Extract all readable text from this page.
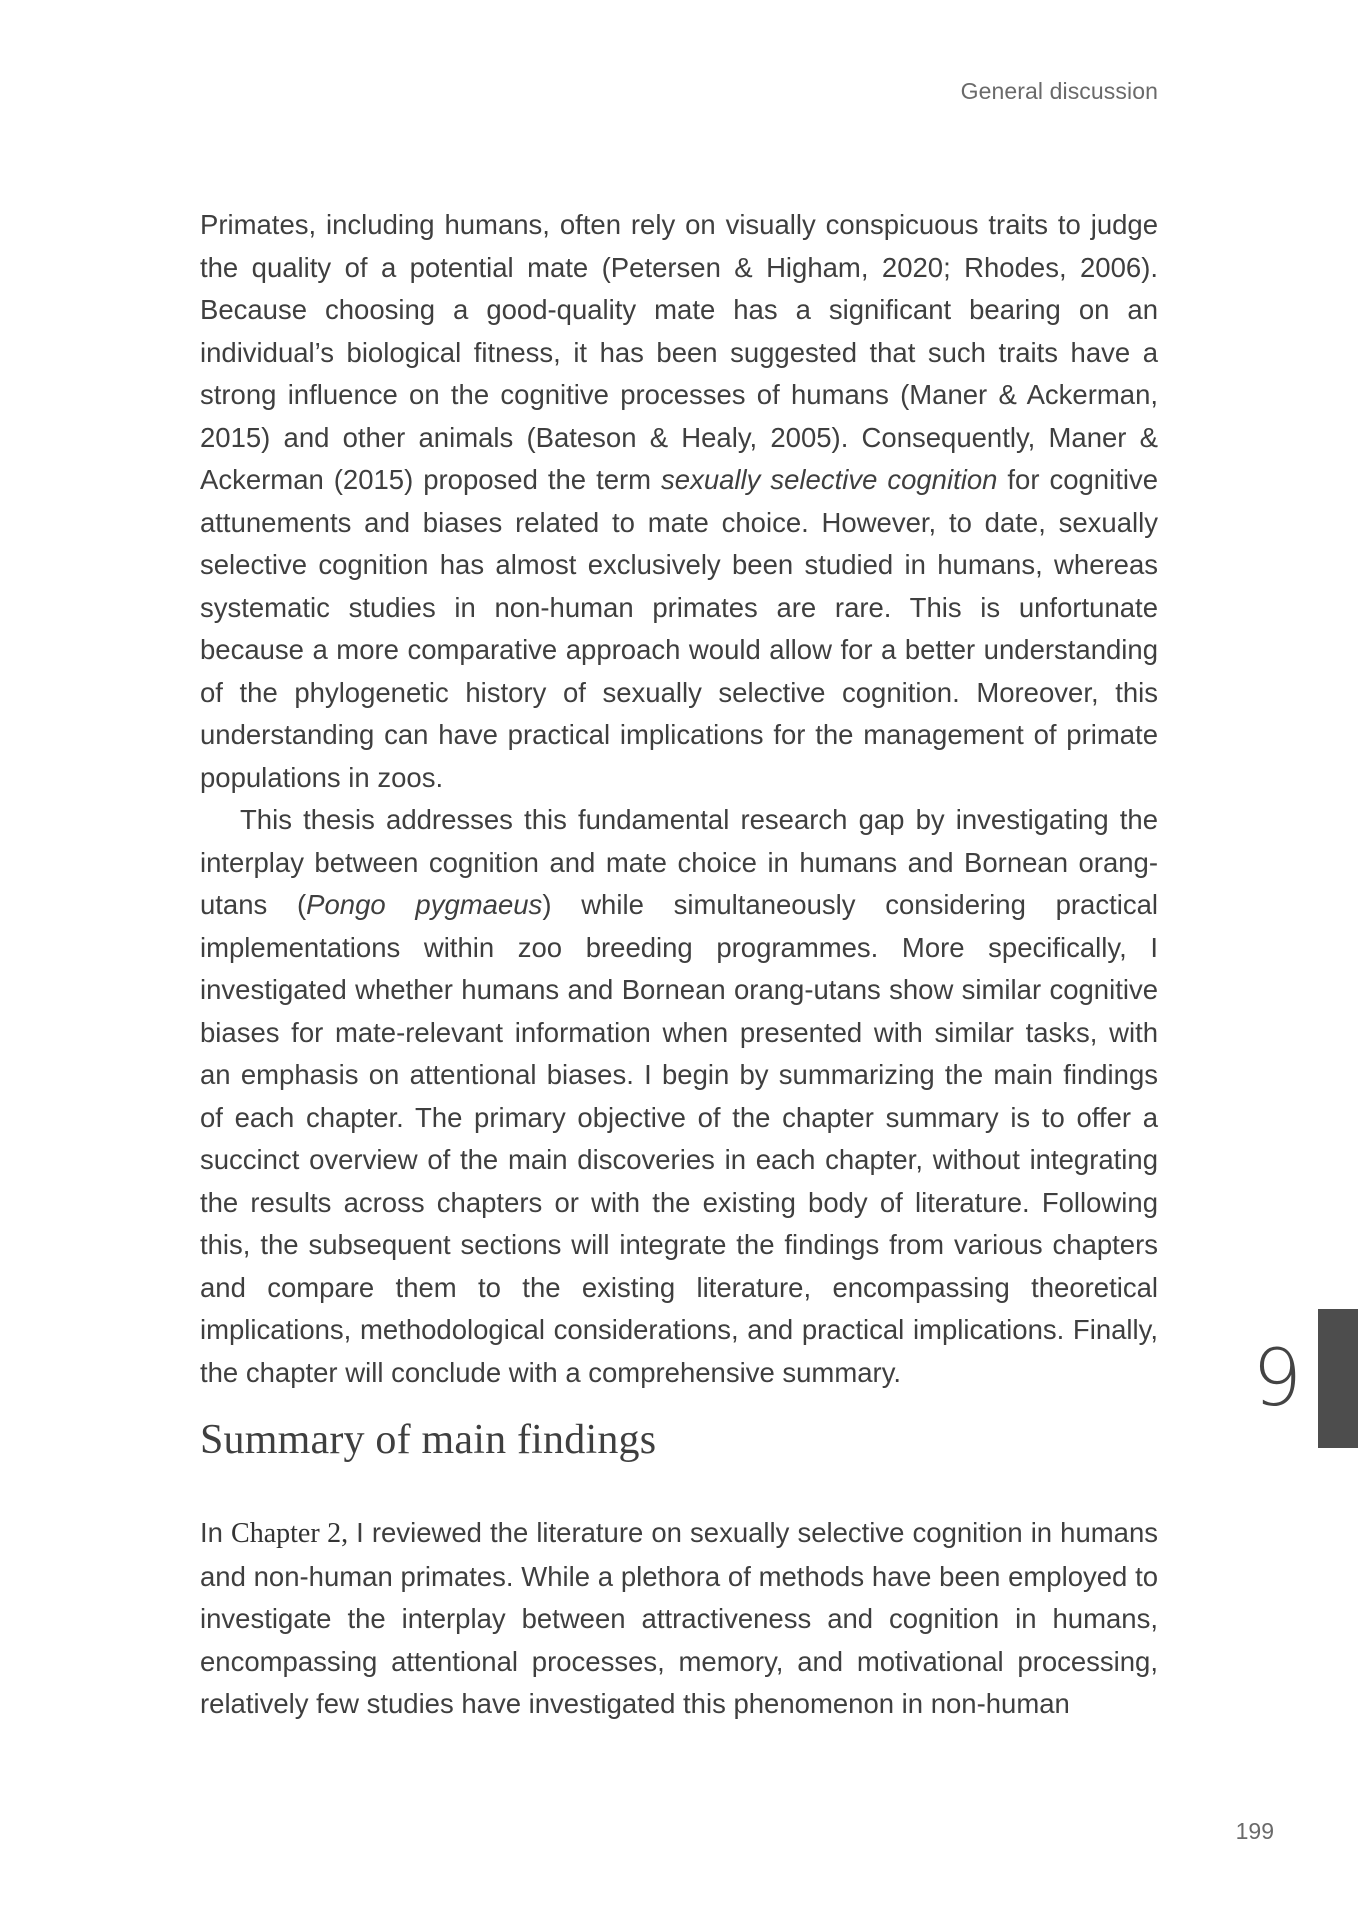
General discussion

Primates, including humans, often rely on visually conspicuous traits to judge the quality of a potential mate (Petersen & Higham, 2020; Rhodes, 2006). Because choosing a good-quality mate has a significant bearing on an individual’s biological fitness, it has been suggested that such traits have a strong influence on the cognitive processes of humans (Maner & Ackerman, 2015) and other animals (Bateson & Healy, 2005). Consequently, Maner & Ackerman (2015) proposed the term sexually selective cognition for cognitive attunements and biases related to mate choice. However, to date, sexually selective cognition has almost exclusively been studied in humans, whereas systematic studies in non-human primates are rare. This is unfortunate because a more comparative approach would allow for a better understanding of the phylogenetic history of sexually selective cognition. Moreover, this understanding can have practical implications for the management of primate populations in zoos.

This thesis addresses this fundamental research gap by investigating the interplay between cognition and mate choice in humans and Bornean orang-utans (Pongo pygmaeus) while simultaneously considering practical implementations within zoo breeding programmes. More specifically, I investigated whether humans and Bornean orang-utans show similar cognitive biases for mate-relevant information when presented with similar tasks, with an emphasis on attentional biases. I begin by summarizing the main findings of each chapter. The primary objective of the chapter summary is to offer a succinct overview of the main discoveries in each chapter, without integrating the results across chapters or with the existing body of literature. Following this, the subsequent sections will integrate the findings from various chapters and compare them to the existing literature, encompassing theoretical implications, methodological considerations, and practical implications. Finally, the chapter will conclude with a comprehensive summary.	9
Summary of main findings

In Chapter 2, I reviewed the literature on sexually selective cognition in humans and non-human primates. While a plethora of methods have been employed to investigate the interplay between attractiveness and cognition in humans, encompassing attentional processes, memory, and motivational processing, relatively few studies have investigated this phenomenon in non-human

199
